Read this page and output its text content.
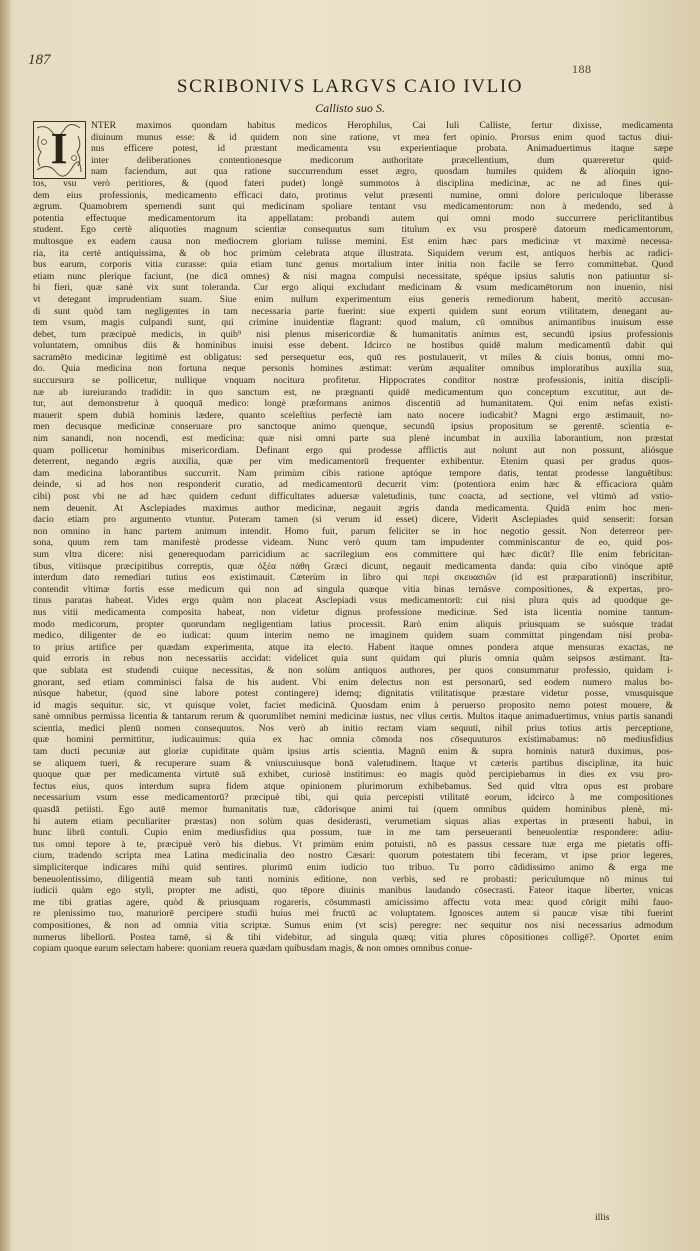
187
188
SCRIBONIVS LARGVS CAIO IVLIO
Callisto suo S.
I	NTER maximos quondam habitus medicos Herophilus, Cai Iuli Calliste, fertur dixisse, medicamenta
diuinum munus esse: & id quidem non sine ratione, vt mea fert opinio. Prorsus enim quod tactus diui-
nus efficere potest, id præstant medicamenta vsu experientiaque probata. Animaduertimus itaque sæpe
inter deliberationes contentionesque medicorum authoritate præcellentium, dum quæreretur quid-
nam faciendum, aut qua ratione succurrendum esset ægro, quosdam humiles quidem & alioquin igno-
tos, vsu verò peritiores, & (quod fateri pudet) longè summotos à disciplina medicinæ, ac ne ad fines qui-
dem eius professionis, medicamento efficaci dato, protinus velut præsenti numine, omni dolore periculoque liberasse
ægrum. Quamobrem spernendi sunt qui medicinam spoliare tentant vsu medicamentorum: non à medendo, sed à
potentia effectuque medicamentorum ita appellatam: probandi autem qui omni modo succurrere periclitantibus
student. Ego certè aliquoties magnum scientiæ consequutus sum titulum ex vsu prosperè datorum medicamentorum,
multosque ex eadem causa non mediocrem gloriam tulisse memini. Est enim hæc pars medicinæ vt maximè necessa-
ria, ita certè antiquissima, & ob hoc primùm celebrata atque illustrata. Siquidem verum est, antiquos herbis ac radici-
bus earum, corporis vitia curasse: quia etiam tunc genus mortalium inter initia non facile se ferro committebat. Quod
etiam nunc plerique faciunt, (ne dicā omnes) & nisi magna compulsi necessitate, spéque ipsius salutis non patiuntur si-
bi fieri, quæ sanè vix sunt toleranda. Cur ergo aliqui excludant medicinam & vsum medicamētorum non inuenio, nisi
vt detegant imprudentiam suam. Siue enim nullum experimentum eius generis remediorum habent, meritò accusan-
di sunt quòd tam negligentes in tam necessaria parte fuerint: siue experti quidem sunt eorum vtilitatem, denegant au-
tem vsum, magis culpandi sunt, qui crimine inuidentiæ flagrant: quod malum, cū omnibus animantibus inuisum esse
debet, tum præcipuè medicis, in quib⁹ nisi plenus misericordiæ & humanitatis animus est, secundū ipsius professionis
voluntatem, omnibus diis & hominibus inuisi esse debent. Idcirco ne hostibus quidē malum medicamentū dabit qui
sacramēto medicinæ legitimè est obligatus: sed persequetur eos, quū res postulauerit, vt miles & ciuis bonus, omni mo-
do. Quia medicina non fortuna neque personis homines æstimat: verùm æqualiter omnibus imploratibus auxilia sua,
succursura se pollicetur, nullique vnquam nocitura profitetur. Hippocrates conditor nostræ professionis, initia discipli-
næ ab iureiurando tradidit: in quo sanctum est, ne prægnanti quidē medicamentum quo conceptum excutitur, aut de-
tur, aut demonstretur à quoquā medico: longè præformans animos discentiū ad humanitatem. Qui enim nefas existi-
mauerit spem dubiā hominis lædere, quanto sceleſtius perfectè iam nato nocere iudicabit? Magni ergo æstimauit, no-
men decusque medicinæ conseruare pro sanctoque animo quenque, secundū ipsius propositum se gerentē. scientia e-
nim sanandi, non nocendi, est medicina: quæ nisi omni parte sua plenè incumbat in auxilia laborantium, non præstat
quam pollicetur hominibus misericordiam. Definant ergo qui prodesse afflictis aut nolunt aut non possunt, aliósque
deterrent, negando ægris auxilia, quæ per vim medicamentorū frequenter exhibentur. Etenim quasi per gradus quos-
dam medicina laborantibus succurrit. Nam primùm cibis ratione aptóque tempore datis, tentat prodesse languētibus:
deinde, si ad hos non responderit curatio, ad medicamentorū decurrit vim: (potentiora enim hæc & efficaciora quàm
cibi) post vbi ne ad hæc quidem cedunt difficultates aduersæ valetudinis, tunc coacta, ad sectione, vel vltimò ad vstio-
nem deuenit. At Asclepiades maximus author medicinæ, negauit ægris danda medicamenta. Quidā enim hoc men-
dacio etiam pro argumento vtuntur. Poteram tamen (si verum id esset) dicere, Viderit Asclepiades quid senserit: forsan
non omnino in hanc partem animum intendit. Homo fuit, parum feliciter se in hoc negotio gessit. Non deterreor per-
sona, quum rem tam manifestè prodesse videam. Nunc verò quum tam impudenter comminiscantur de eo, quid pos-
sum vltra dicere: nisi generequodam parricidium ac sacrilegium eos committere qui hæc dicūt? Ille enim febricitan-
tibus, vitiisque præcipitibus correptis, quæ ὀξέα πάθη Græci dicunt, negauit medicamenta danda: quia cibo vinóque aptē
interdum dato remediari tutius eos existimauit. Cæterùm in libro qui περὶ σκευασιῶν (id est præparationū) inscribitur,
contendit vltimæ fortis esse medicum qui non ad singula quæque vitia binas ternásve compositiones, & expertas, pro-
tinus paratas habeat. Vides ergo quàm non placeat Asclepiadi vsus medicamentorū: cui nisi plura quis ad quodque ge-
nus vitii medicamenta composita habeat, non videtur dignus professione medicinæ. Sed ista licentia nomine tantum-
modo medicorum, propter quorundam negligentiam latius processit. Rarò enim aliquis priusquam se suósque tradat
medico, diligenter de eo iudicat: quum interim nemo ne imaginem quidem suam committat pingendam nisi proba-
to prius artifice per quædam experimenta, atque ita electo. Habent itaque omnes pondera atque mensuras exactas, ne
quid erroris in rebus non necessariis accidat: videlicet quia sunt quidam qui pluris omnia quàm seipsos æstimant. Ita-
que sublata est studendi cuique necessitas, & non solùm antiquos authores, per quos consummatur professio, quidam i-
gnorant, sed etiam comminisci falsa de his audent. Vbi enim delectus non est personarū, sed eodem numero malus bo-
núsque habetur, (quod sine labore potest contingere) idemq; dignitatis vtilitatisque præstare videtur posse, vnusquisque
id magis sequitur. sic, vt quisque volet, faciet medicinā. Quosdam enim à peruerso proposito nemo potest mouere, &
sanè omnibus permissa licentia & tantarum rerum & quorumlibet nemini medicinæ iustus, nec vllus certis. Multos itaque animaduertimus, vnius partis sanandi
scientia, medici plenū nomen consequutos. Nos verò ab initio rectam viam sequuti, nihil prius totius artis perceptione,
quæ homini permittitur, iudicauimus: quia ex hac omnia cōmoda nos cōsequuturos existimabamus: nō mediusfidius
tam ducti pecuniæ aut gloriæ cupiditate quàm ipsius artis scientia. Magnū enim & supra hominis naturā duximus, pos-
se aliquem tueri, & recuperare suam & vniuscuiusque bonā valetudinem. Itaque vt cæteris partibus disciplinæ, ita huic
quoque quæ per medicamenta virtutē suā exhibet, curiosè institimus: eo magis quòd percipiebamus in dies ex vsu pro-
fectus eius, quos interdum supra fidem atque opinionem plurimorum exhibebamus. Sed quid vltra opus est probare
necessarium vsum esse medicamentorū? præcipuè tibi, qui quia percepisti vtilitatē eorum, idcirco à me compositiones
quasdā petiisti. Ego autē memor humanitatis tuæ, cādorisque animi tui (quem omnibus quidem hominibus plenè, mi-
hi autem etiam peculiariter præstas) non solùm quas desiderasti, verumetiam siquas alias expertas in præsenti habui, in
hunc librū contuli. Cupio enim mediusfidius qua possum, tuæ in me tam perseueranti beneuolentiæ respondere: adiu-
tus omni tepore à te, præcipuè verò his diebus. Vt primùm enim potuisti, nō es passus cessare tuæ erga me pietatis offi-
cium, tradendo scripta mea Latina medicinalia deo nostro Cæsari: quorum potestatem tibi feceram, vt ipse prior legeres,
simpliciterque indicares mihi quid sentires. plurimū enim iudicio tuo tribuo. Tu porro cādidissimo animo & erga me
beneuolentissimo, diligentiā meam sub tanti nominis editione, non verbis, sed re probasti: periculumque nō minus tui
iudicii quàm ego styli, propter me adisti, quo tēpore diuinis manibus laudando cōsecrasti. Fateor itaque liberter, vnicas
me tibi gratias agere, quòd & priusquam rogareris, cōsummasti amicissimo affectu vota mea: quod cōrigit mihi fauo-
re plenissimo tuo, maturiorē percipere studii huius mei fructū ac voluptatem. Ignosces autem si paucæ visæ tibi fuerint
compositiones, & non ad omnia vitia scriptæ. Sumus enim (vt scis) peregre: nec sequitur nos nisi necessarius admodum
numerus libellorū. Postea tamē, si & tibi videbitur, ad singula quæq; vitia plures cōpositiones colligē?. Oportet enim
copiam quoque earum selectam habere: quoniam reuera quædam quibusdam magis, & non omnes omnibus conue-
illis
